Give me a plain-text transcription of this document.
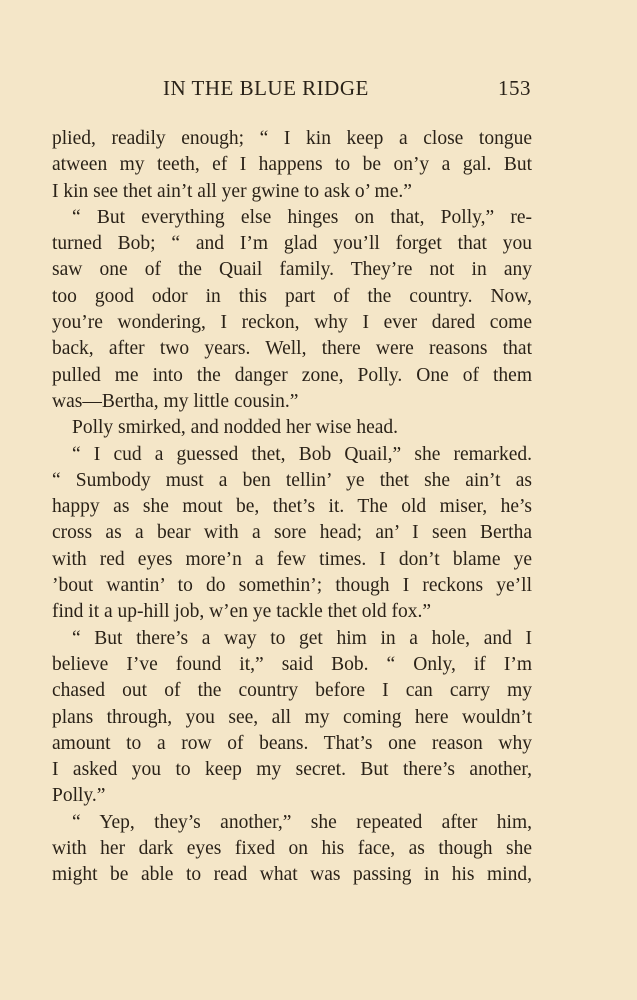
IN THE BLUE RIDGE	153
plied, readily enough; “ I kin keep a close tongue
atween my teeth, ef I happens to be on’y a gal. But
I kin see thet ain’t all yer gwine to ask o’ me.”
“ But everything else hinges on that, Polly,” re-
turned Bob; “ and I’m glad you’ll forget that you
saw one of the Quail family. They’re not in any
too good odor in this part of the country. Now,
you’re wondering, I reckon, why I ever dared come
back, after two years. Well, there were reasons that
pulled me into the danger zone, Polly. One of them
was—Bertha, my little cousin.”
Polly smirked, and nodded her wise head.
“ I cud a guessed thet, Bob Quail,” she remarked.
“ Sumbody must a ben tellin’ ye thet she ain’t as
happy as she mout be, thet’s it. The old miser, he’s
cross as a bear with a sore head; an’ I seen Bertha
with red eyes more’n a few times. I don’t blame ye
’bout wantin’ to do somethin’; though I reckons ye’ll
find it a up-hill job, w’en ye tackle thet old fox.”
“ But there’s a way to get him in a hole, and I
believe I’ve found it,” said Bob. “ Only, if I’m
chased out of the country before I can carry my
plans through, you see, all my coming here wouldn’t
amount to a row of beans. That’s one reason why
I asked you to keep my secret. But there’s another,
Polly.”
“ Yep, they’s another,” she repeated after him,
with her dark eyes fixed on his face, as though she
might be able to read what was passing in his mind,
